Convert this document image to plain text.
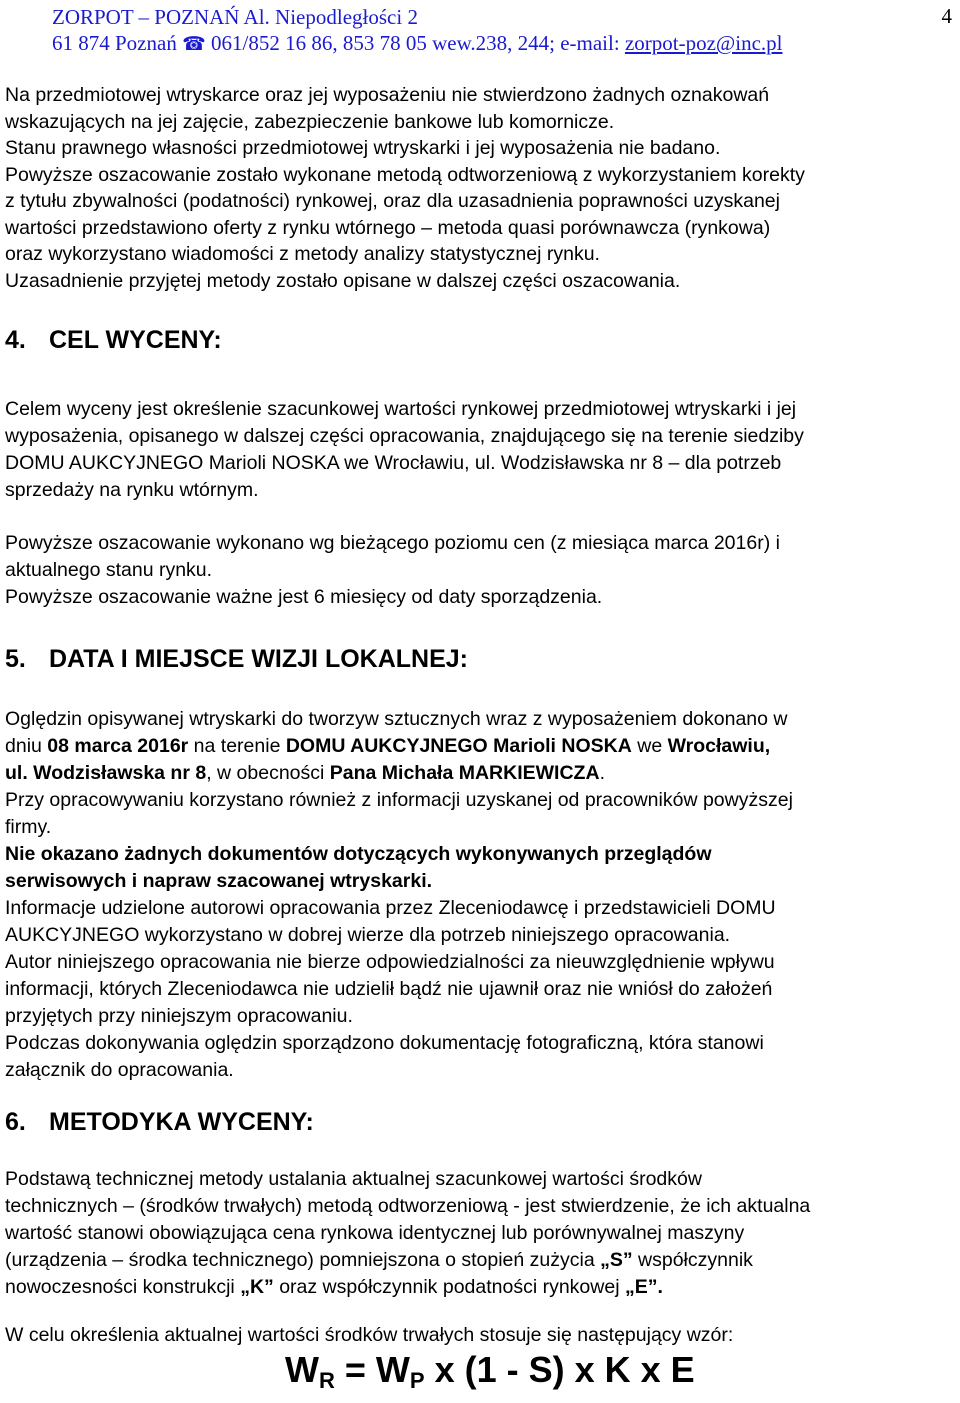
ZORPOT – POZNAŃ Al. Niepodległości 2
61 874 Poznań ☎ 061/852 16 86, 853 78 05 wew.238, 244; e-mail: zorpot-poz@inc.pl
4
Na przedmiotowej wtryskarce oraz jej wyposażeniu nie stwierdzono żadnych oznakowań
wskazujących na jej zajęcie, zabezpieczenie bankowe lub komornicze.
Stanu prawnego własności przedmiotowej wtryskarki i jej wyposażenia nie badano.
Powyższe oszacowanie zostało wykonane metodą odtworzeniową z wykorzystaniem korekty
z tytułu zbywalności (podatności) rynkowej, oraz dla uzasadnienia poprawności uzyskanej
wartości przedstawiono oferty z rynku wtórnego – metoda quasi porównawcza (rynkowa)
oraz wykorzystano wiadomości z metody analizy statystycznej rynku.
Uzasadnienie przyjętej metody zostało opisane w dalszej części oszacowania.
4. CEL WYCENY:
Celem wyceny jest określenie szacunkowej wartości rynkowej przedmiotowej wtryskarki i jej
wyposażenia, opisanego w dalszej części opracowania, znajdującego się na terenie siedziby
DOMU AUKCYJNEGO Marioli NOSKA we Wrocławiu, ul. Wodzisławska nr 8 – dla potrzeb
sprzedaży na rynku wtórnym.
Powyższe oszacowanie wykonano wg bieżącego poziomu cen (z miesiąca marca 2016r) i
aktualnego stanu rynku.
Powyższe oszacowanie ważne jest 6 miesięcy od daty sporządzenia.
5. DATA I MIEJSCE WIZJI LOKALNEJ:
Oględzin opisywanej wtryskarki do tworzyw sztucznych wraz z wyposażeniem dokonano w
dniu 08 marca 2016r na terenie DOMU AUKCYJNEGO Marioli NOSKA we Wrocławiu,
ul. Wodzisławska nr 8, w obecności Pana Michała MARKIEWICZA.
Przy opracowywaniu korzystano również z informacji uzyskanej od pracowników powyższej
firmy.
Nie okazano żadnych dokumentów dotyczących wykonywanych przeglądów
serwisowych i napraw szacowanej wtryskarki.
Informacje udzielone autorowi opracowania przez Zleceniodawcę i przedstawicieli DOMU
AUKCYJNEGO wykorzystano w dobrej wierze dla potrzeb niniejszego opracowania.
Autor niniejszego opracowania nie bierze odpowiedzialności za nieuwzględnienie wpływu
informacji, których Zleceniodawca nie udzielił bądź nie ujawnił oraz nie wniósł do założeń
przyjętych przy niniejszym opracowaniu.
Podczas dokonywania oględzin sporządzono dokumentację fotograficzną, która stanowi
załącznik do opracowania.
6. METODYKA WYCENY:
Podstawą technicznej metody ustalania aktualnej szacunkowej wartości środków
technicznych – (środków trwałych) metodą odtworzeniową - jest stwierdzenie, że ich aktualna
wartość stanowi obowiązująca cena rynkowa identycznej lub porównywalnej maszyny
(urządzenia – środka technicznego) pomniejszona o stopień zużycia „S” współczynnik
nowoczesności konstrukcji „K” oraz współczynnik podatności rynkowej „E”.
W celu określenia aktualnej wartości środków trwałych stosuje się następujący wzór:
$W_R = W_P$ x (1 - S) x K x E
